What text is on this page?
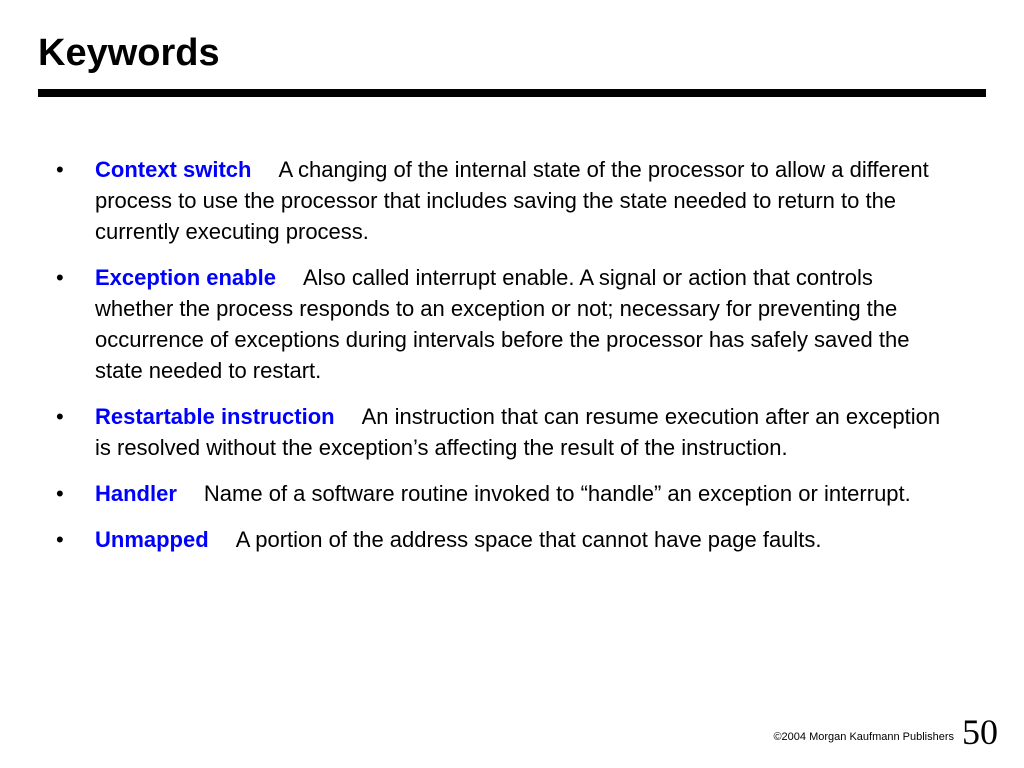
Keywords
• Context switch A changing of the internal state of the processor to allow a different process to use the processor that includes saving the state needed to return to the currently executing process.
• Exception enable Also called interrupt enable. A signal or action that controls whether the process responds to an exception or not; necessary for preventing the occurrence of exceptions during intervals before the processor has safely saved the state needed to restart.
• Restartable instruction An instruction that can resume execution after an exception is resolved without the exception’s affecting the result of the instruction.
• Handler Name of a software routine invoked to “handle” an exception or interrupt.
• Unmapped A portion of the address space that cannot have page faults.
©2004 Morgan Kaufmann Publishers 50
